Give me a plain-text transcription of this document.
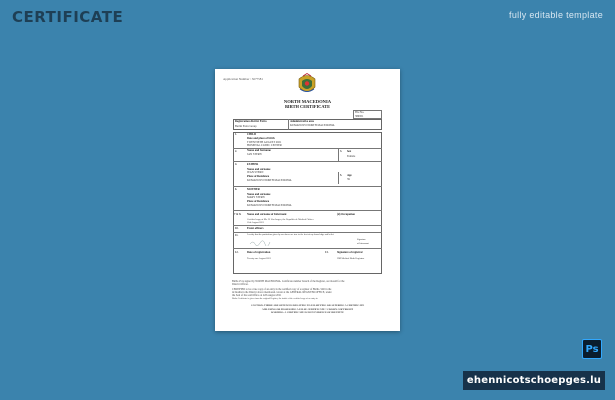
CERTIFICATE	fully editable template
Application Number : 3677581
NORTH MACEDONIA
BIRTH CERTIFICATE
File No.
386951
Registration district Extra
Berlin Extra Group
Administrative area
KUMANOVO NORTH MACEDONIA
1.	CHILD
Date and place of birth
TWENTIETH AUGUST 2021
HOSPITAL CLINIC CENTER
2.	Name and Surname
JAN STERN
3. Sex
Female
4.	FATHER
Name and surname
JEAN STERN
Place of Residence
KUMANOVO NORTH MACEDONIA
5. Age
39
6.	MOTHER
Name and surname
MARY STERN
Place of Residence
KUMANOVO NORTH MACEDONIA
7 & 8. Name and surname of Informant	(d) Occupation
Certified copy of Mr. H. Van Jorgen, the Republic de Medical Officer
11th August 2021
10.	Event officers
11.	I certify that the particulars given by me above are true to the best of my knowledge and belief
Signature
of Informant
12.	Date of registration
Twenty one August 2021
13.	Signature of registrar
HM Medical Birth Registrar
Births 25 is signed by NORTH MACEDONIA. Certificate number branch of the Register, our mould for the
District Officer.
CERTIFIED to be a true copy of an entry in the certified copy of a register of Births. Still in the
in Deaths in the District above mentioned. Given at the GENERAL REGISTER OFFICE, under
the Seal of the said Office on 22th August 2021
Births Certificate is given from the original Register, the inside of the certified copy of an entry in
CAUTION: THERE ARE OFFENCES RELATING TO FALSIFYING OR ALTERING A CERTIFICATE
AND USING OR POSSESSING A FALSE CERTIFICATE ©CROWN COPYRIGHT
WARNING: A CERTIFICATE IS NOT EVIDENCE OF IDENTITY.
Ps
ehennicotschoepges.lu
